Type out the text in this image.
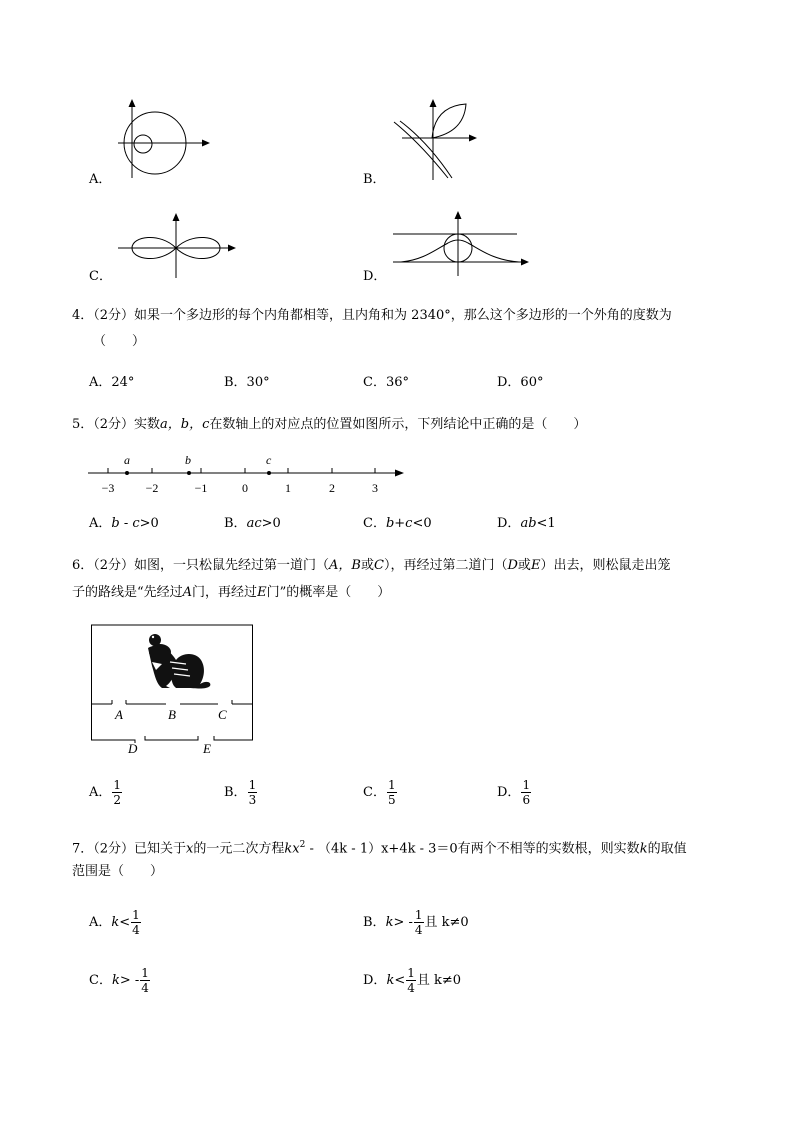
A．	B．
C．	D．
4．（2分）如果一个多边形的每个内角都相等，且内角和为 2340°，那么这个多边形的一个外角的度数为
（　　）
A．24°	B．30°	C．36°	D．60°
5．（2分）实数a，b，c在数轴上的对应点的位置如图所示，下列结论中正确的是（　　）
a	b	c
−3	−2	−1	0	1	2	3
A．b - c>0	B．ac>0	C．b+c<0	D．ab<1
6．（2分）如图，一只松鼠先经过第一道门（A，B或C），再经过第二道门（D或E）出去，则松鼠走出笼
子的路线是“先经过A门，再经过E门”的概率是（　　）
A	B	C
D	E
A． $\frac{1}{2}$	B． $\frac{1}{3}$	C． $\frac{1}{5}$	D． $\frac{1}{6}$
7．（2分）已知关于x的一元二次方程$kx^2 - (4k - 1)x+4k - 3=0$有两个不相等的实数根，则实数k的取值
范围是（　　）
A．$k< \frac{1}{4}$	B．$k> - \frac{1}{4}$ 且 k≠0
C．$k> - \frac{1}{4}$	D．$k< \frac{1}{4}$ 且 k≠0
